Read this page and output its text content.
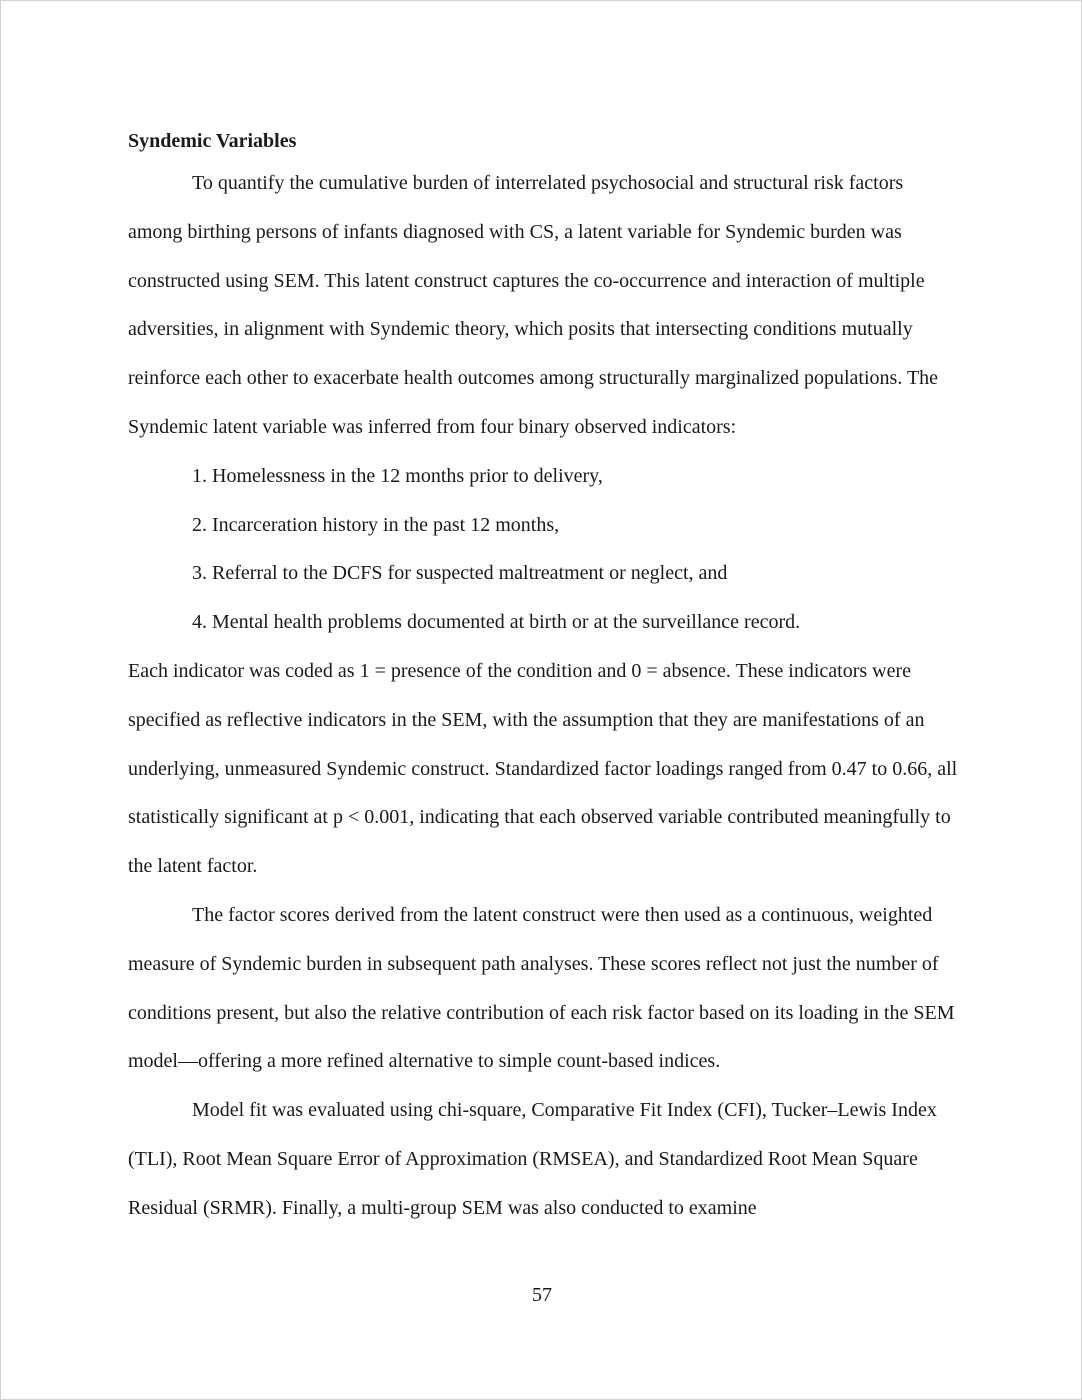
Syndemic Variables

To quantify the cumulative burden of interrelated psychosocial and structural risk factors among birthing persons of infants diagnosed with CS, a latent variable for Syndemic burden was constructed using SEM. This latent construct captures the co-occurrence and interaction of multiple adversities, in alignment with Syndemic theory, which posits that intersecting conditions mutually reinforce each other to exacerbate health outcomes among structurally marginalized populations. The Syndemic latent variable was inferred from four binary observed indicators:

1. Homelessness in the 12 months prior to delivery,
2. Incarceration history in the past 12 months,
3. Referral to the DCFS for suspected maltreatment or neglect, and
4. Mental health problems documented at birth or at the surveillance record.

Each indicator was coded as 1 = presence of the condition and 0 = absence. These indicators were specified as reflective indicators in the SEM, with the assumption that they are manifestations of an underlying, unmeasured Syndemic construct. Standardized factor loadings ranged from 0.47 to 0.66, all statistically significant at p < 0.001, indicating that each observed variable contributed meaningfully to the latent factor.

The factor scores derived from the latent construct were then used as a continuous, weighted measure of Syndemic burden in subsequent path analyses. These scores reflect not just the number of conditions present, but also the relative contribution of each risk factor based on its loading in the SEM model—offering a more refined alternative to simple count-based indices.

Model fit was evaluated using chi-square, Comparative Fit Index (CFI), Tucker–Lewis Index (TLI), Root Mean Square Error of Approximation (RMSEA), and Standardized Root Mean Square Residual (SRMR). Finally, a multi-group SEM was also conducted to examine

57
